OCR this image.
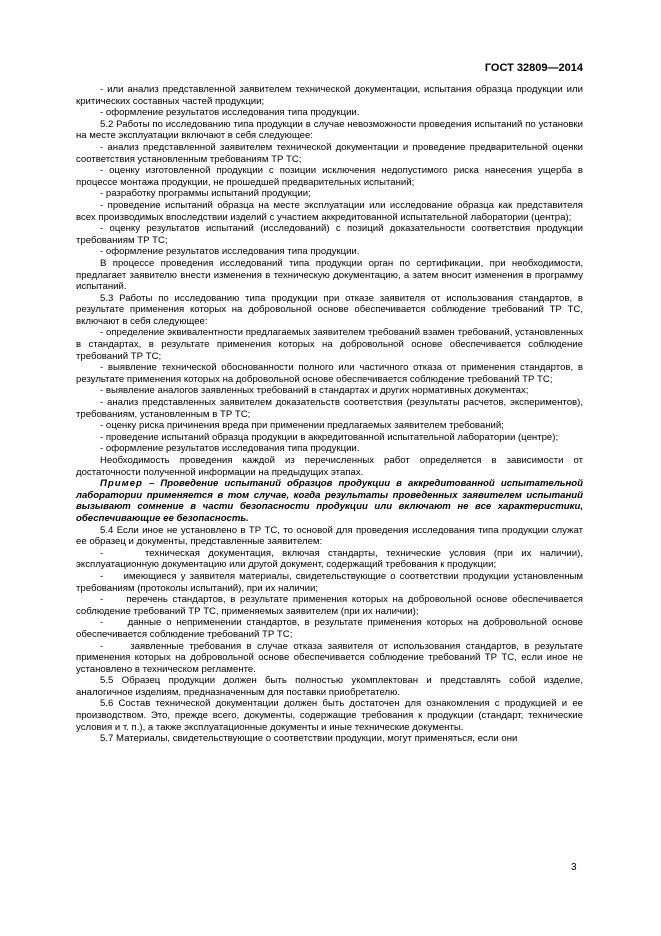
ГОСТ 32809—2014

- или анализ представленной заявителем технической документации, испытания образца продукции или критических составных частей продукции;

- оформление результатов исследования типа продукции.

5.2 Работы по исследованию типа продукции в случае невозможности проведения испытаний по установки на месте эксплуатации включают в себя следующее:

- анализ представленной заявителем технической документации и проведение предварительной оценки соответствия установленным требованиям ТР ТС;

- оценку изготовленной продукции с позиции исключения недопустимого риска нанесения ущерба в процессе монтажа продукции, не прошедшей предварительных испытаний;

- разработку программы испытаний продукции;

- проведение испытаний образца на месте эксплуатации или исследование образца как представителя всех производимых впоследствии изделий с участием аккредитованной испытательной лаборатории (центра);

- оценку результатов испытаний (исследований) с позиций доказательности соответствия продукции требованиям ТР ТС;

- оформление результатов исследования типа продукции.

В процессе проведения исследований типа продукции орган по сертификации, при необходимости, предлагает заявителю внести изменения в техническую документацию, а затем вносит изменения в программу испытаний.

5.3 Работы по исследованию типа продукции при отказе заявителя от использования стандартов, в результате применения которых на добровольной основе обеспечивается соблюдение требований ТР ТС, включают в себя следующее:

- определение эквивалентности предлагаемых заявителем требований взамен требований, установленных в стандартах, в результате применения которых на добровольной основе обеспечивается соблюдение требований ТР ТС;

- выявление технической обоснованности полного или частичного отказа от применения стандартов, в результате применения которых на добровольной основе обеспечивается соблюдение требований ТР ТС;

- выявление аналогов заявленных требований в стандартах и других нормативных документах;

- анализ представленных заявителем доказательств соответствия (результаты расчетов, экспериментов), требованиям, установленным в ТР ТС;

- оценку риска причинения вреда при применении предлагаемых заявителем требований;

- проведение испытаний образца продукции в аккредитованной испытательной лаборатории (центре);

- оформление результатов исследования типа продукции.

Необходимость проведения каждой из перечисленных работ определяется в зависимости от достаточности полученной информации на предыдущих этапах.

Пример – Проведение испытаний образцов продукции в аккредитованной испытательной лаборатории применяется в том случае, когда результаты проведенных заявителем испытаний вызывают сомнение в части безопасности продукции или включают не все характеристики, обеспечивающие ее безопасность.

5.4 Если иное не установлено в ТР ТС, то основой для проведения исследования типа продукции служат ее образец и документы, представленные заявителем:

-     техническая документация, включая стандарты, технические условия (при их наличии), эксплуатационную документацию или другой документ, содержащий требования к продукции;

-     имеющиеся у заявителя материалы, свидетельствующие о соответствии продукции установленным требованиям (протоколы испытаний), при их наличии;

-     перечень стандартов, в результате применения которых на добровольной основе обеспечивается соблюдение требований ТР ТС, применяемых заявителем (при их наличии);

-     данные о неприменении стандартов, в результате применения которых на добровольной основе обеспечивается соблюдение требований ТР ТС;

-     заявленные требования в случае отказа заявителя от использования стандартов, в результате применения которых на добровольной основе обеспечивается соблюдение требований ТР ТС, если иное не установлено в техническом регламенте.

5.5 Образец продукции должен быть полностью укомплектован и представлять собой изделие, аналогичное изделиям, предназначенным для поставки приобретателю.

5.6 Состав технической документации должен быть достаточен для ознакомления с продукцией и ее производством. Это, прежде всего, документы, содержащие требования к продукции (стандарт, технические условия и т. п.), а также эксплуатационные документы и иные технические документы.

5.7 Материалы, свидетельствующие о соответствии продукции, могут применяться, если они

3
